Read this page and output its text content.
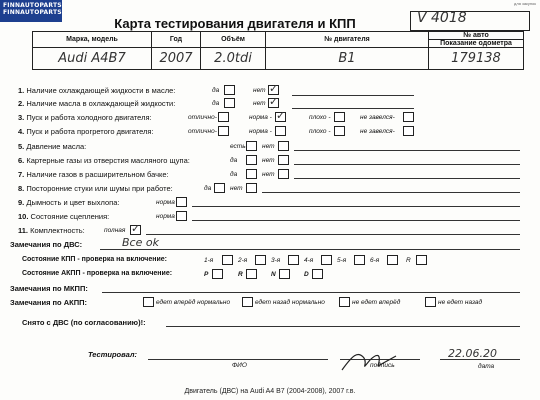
FINNAUTOPARTS
FINNAUTOPARTS
для закупок
Карта тестирования двигателя и КПП	V 4018
Марка, модель	Год	Объём	№ двигателя	№ авто
Показание одометра

Audi A4B7	2007	2.0tdi	B1	179138
1. Наличие охлаждающей жидкости в масле:	да	нет ✓
2. Наличие масла в охлаждающей жидкости:	да	нет ✓
3. Пуск и работа холодного двигателя:	отлично-	норма - ✓	плохо -	не завелся-
4. Пуск и работа прогретого двигателя:	отлично-	норма -	плохо -	не завелся-
5. Давление масла:	есть	нет
6. Картерные газы из отверстия масляного щупа:	да	нет
7. Наличие газов в расширительном бачке:	да	нет
8. Посторонние стуки или шумы при работе:	да	нет
9. Дымность и цвет выхлопа:	норма
10. Состояние сцепления:	норма
11. Комплектность:	полная ✓
Замечания по ДВС:	Все ok
Состояние КПП - проверка на включение:	1-я	2-я	3-я	4-я	5-я	6-я	R
Состояние АКПП - проверка на включение:	P	R	N	D
Замечания по МКПП:
Замечания по АКПП:	едет вперёд нормально	едет назад нормально	не едет вперёд	не едет назад
Снято с ДВС (по согласованию)!:
Тестировал:
ФИО	подпись
22.06.20
дата
Двигатель (ДВС) на Audi A4 B7 (2004-2008), 2007 г.в.
